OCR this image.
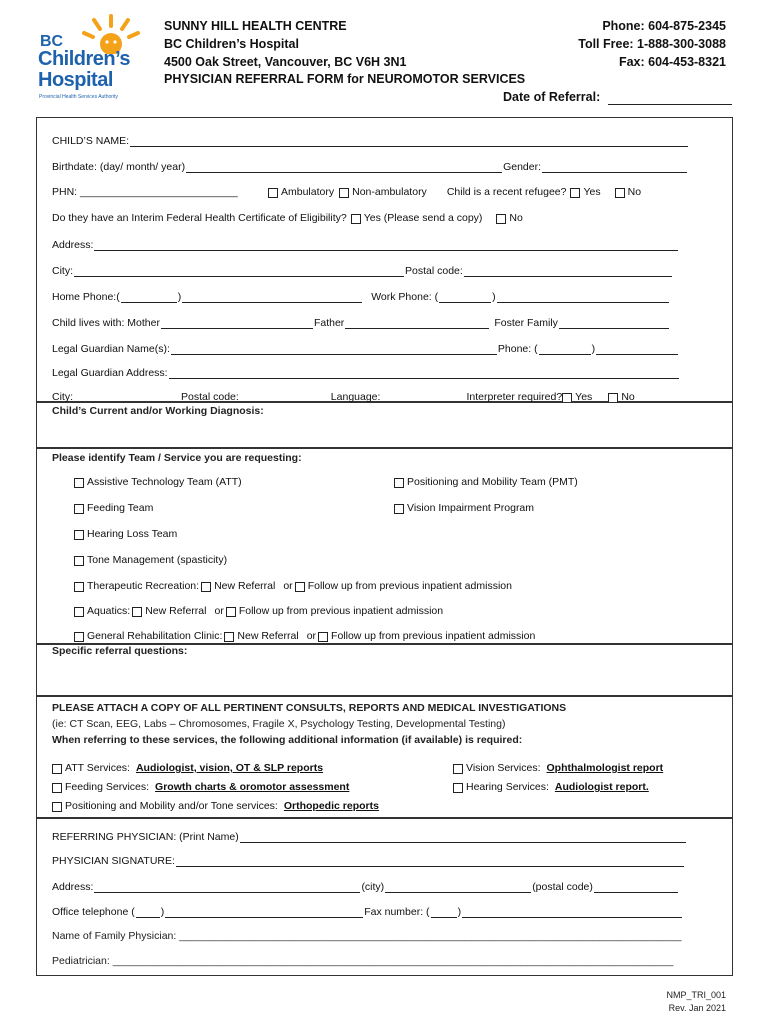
BC
Children’s
Hospital
Provincial Health Services Authority
SUNNY HILL HEALTH CENTRE
BC Children’s Hospital
4500 Oak Street, Vancouver, BC V6H 3N1
PHYSICIAN REFERRAL FORM for NEUROMOTOR SERVICES
Phone: 604-875-2345
Toll Free: 1-888-300-3088
Fax: 604-453-8321
Date of Referral:
CHILD’S NAME:
Birthdate: (day/ month/ year)	Gender:
PHN: ___________________________	Ambulatory Non-ambulatory Child is a recent refugee? Yes	No
Do they have an Interim Federal Health Certificate of Eligibility? Yes (Please send a copy)	No
Address:
City:	Postal code:
Home Phone:(	)	Work Phone: (	)
Child lives with: Mother	Father	Foster Family
Legal Guardian Name(s):	Phone: (	)
Legal Guardian Address:
City:	Postal code:	Language:	Interpreter required? Yes	No
Child’s Current and/or Working Diagnosis:
Please identify Team / Service you are requesting:
Assistive Technology Team (ATT)	Positioning and Mobility Team (PMT)
Feeding Team	Vision Impairment Program
Hearing Loss Team
Tone Management (spasticity)
Therapeutic Recreation: New Referral or Follow up from previous inpatient admission
Aquatics: New Referral or Follow up from previous inpatient admission
General Rehabilitation Clinic: New Referral or Follow up from previous inpatient admission
Specific referral questions:
PLEASE ATTACH A COPY OF ALL PERTINENT CONSULTS, REPORTS AND MEDICAL INVESTIGATIONS
(ie: CT Scan, EEG, Labs – Chromosomes, Fragile X, Psychology Testing, Developmental Testing)
When referring to these services, the following additional information (if available) is required:
ATT Services: Audiologist, vision, OT & SLP reports	Vision Services: Ophthalmologist report
Feeding Services: Growth charts & oromotor assessment	Hearing Services: Audiologist report.
Positioning and Mobility and/or Tone services: Orthopedic reports
REFERRING PHYSICIAN: (Print Name)
PHYSICIAN SIGNATURE:
Address:	(city)	(postal code)
Office telephone ( )	Fax number: (	)
Name of Family Physician: ______________________________________________________________________________________
Pediatrician: ________________________________________________________________________________________________
NMP_TRI_001
Rev. Jan 2021
